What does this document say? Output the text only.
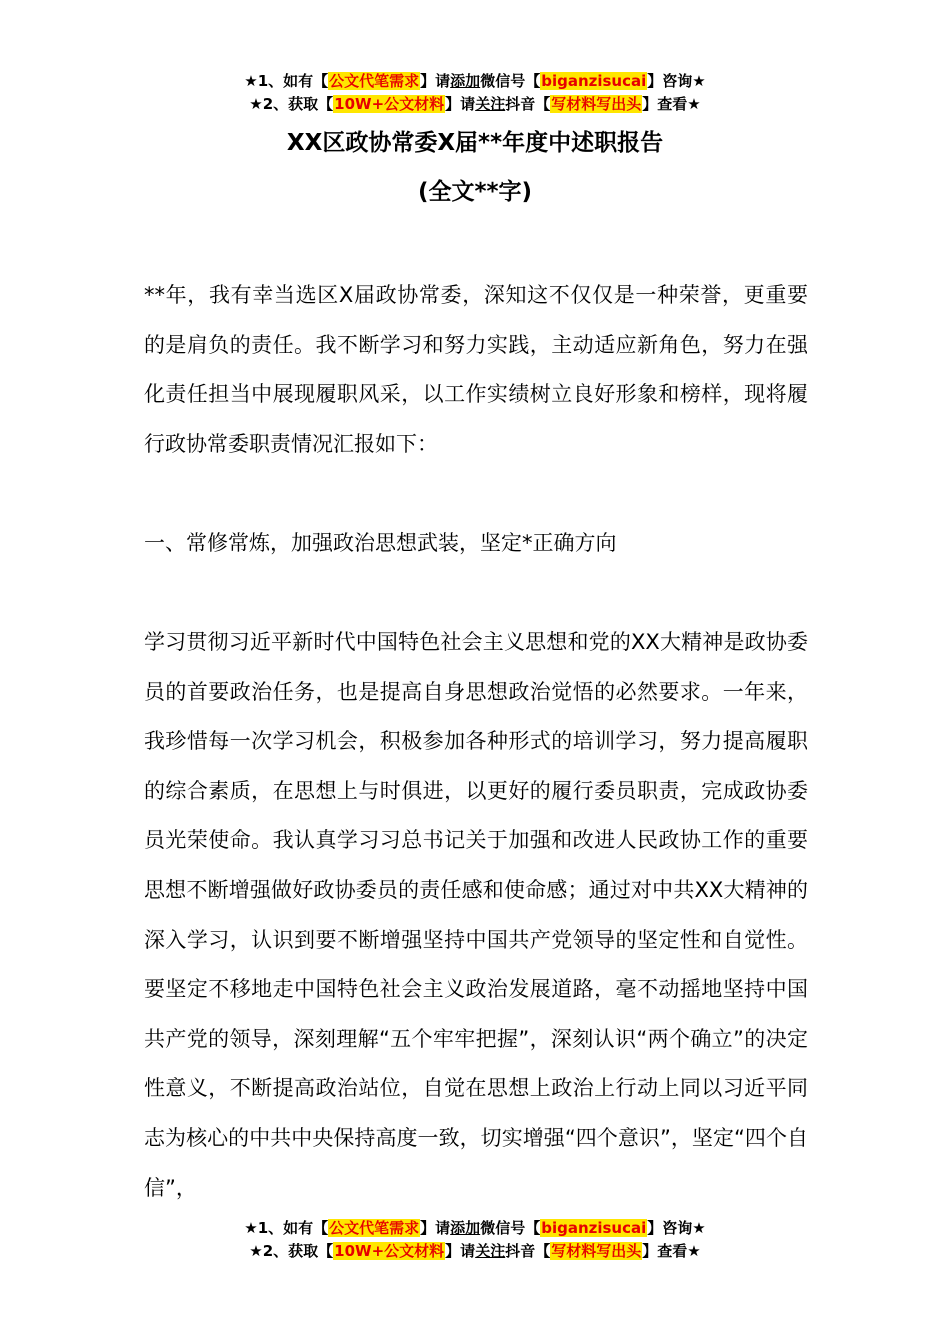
★1、如有【公文代笔需求】请添加微信号【biganzisucai】咨询★
★2、获取【10W+公文材料】请关注抖音【写材料写出头】查看★
XX区政协常委X届**年度中述职报告
(全文**字)
**年，我有幸当选区X届政协常委，深知这不仅仅是一种荣誉，更重要的是肩负的责任。我不断学习和努力实践，主动适应新角色，努力在强化责任担当中展现履职风采，以工作实绩树立良好形象和榜样，现将履行政协常委职责情况汇报如下：
一、常修常炼，加强政治思想武装，坚定*正确方向
学习贯彻习近平新时代中国特色社会主义思想和党的XX大精神是政协委员的首要政治任务，也是提高自身思想政治觉悟的必然要求。一年来，我珍惜每一次学习机会，积极参加各种形式的培训学习，努力提高履职的综合素质，在思想上与时俱进，以更好的履行委员职责，完成政协委员光荣使命。我认真学习习总书记关于加强和改进人民政协工作的重要思想不断增强做好政协委员的责任感和使命感；通过对中共XX大精神的深入学习，认识到要不断增强坚持中国共产党领导的坚定性和自觉性。要坚定不移地走中国特色社会主义政治发展道路，毫不动摇地坚持中国共产党的领导，深刻理解“五个牢牢把握”，深刻认识“两个确立”的决定性意义，不断提高政治站位，自觉在思想上政治上行动上同以习近平同志为核心的中共中央保持高度一致，切实增强“四个意识”，坚定“四个自信”，
★1、如有【公文代笔需求】请添加微信号【biganzisucai】咨询★
★2、获取【10W+公文材料】请关注抖音【写材料写出头】查看★
